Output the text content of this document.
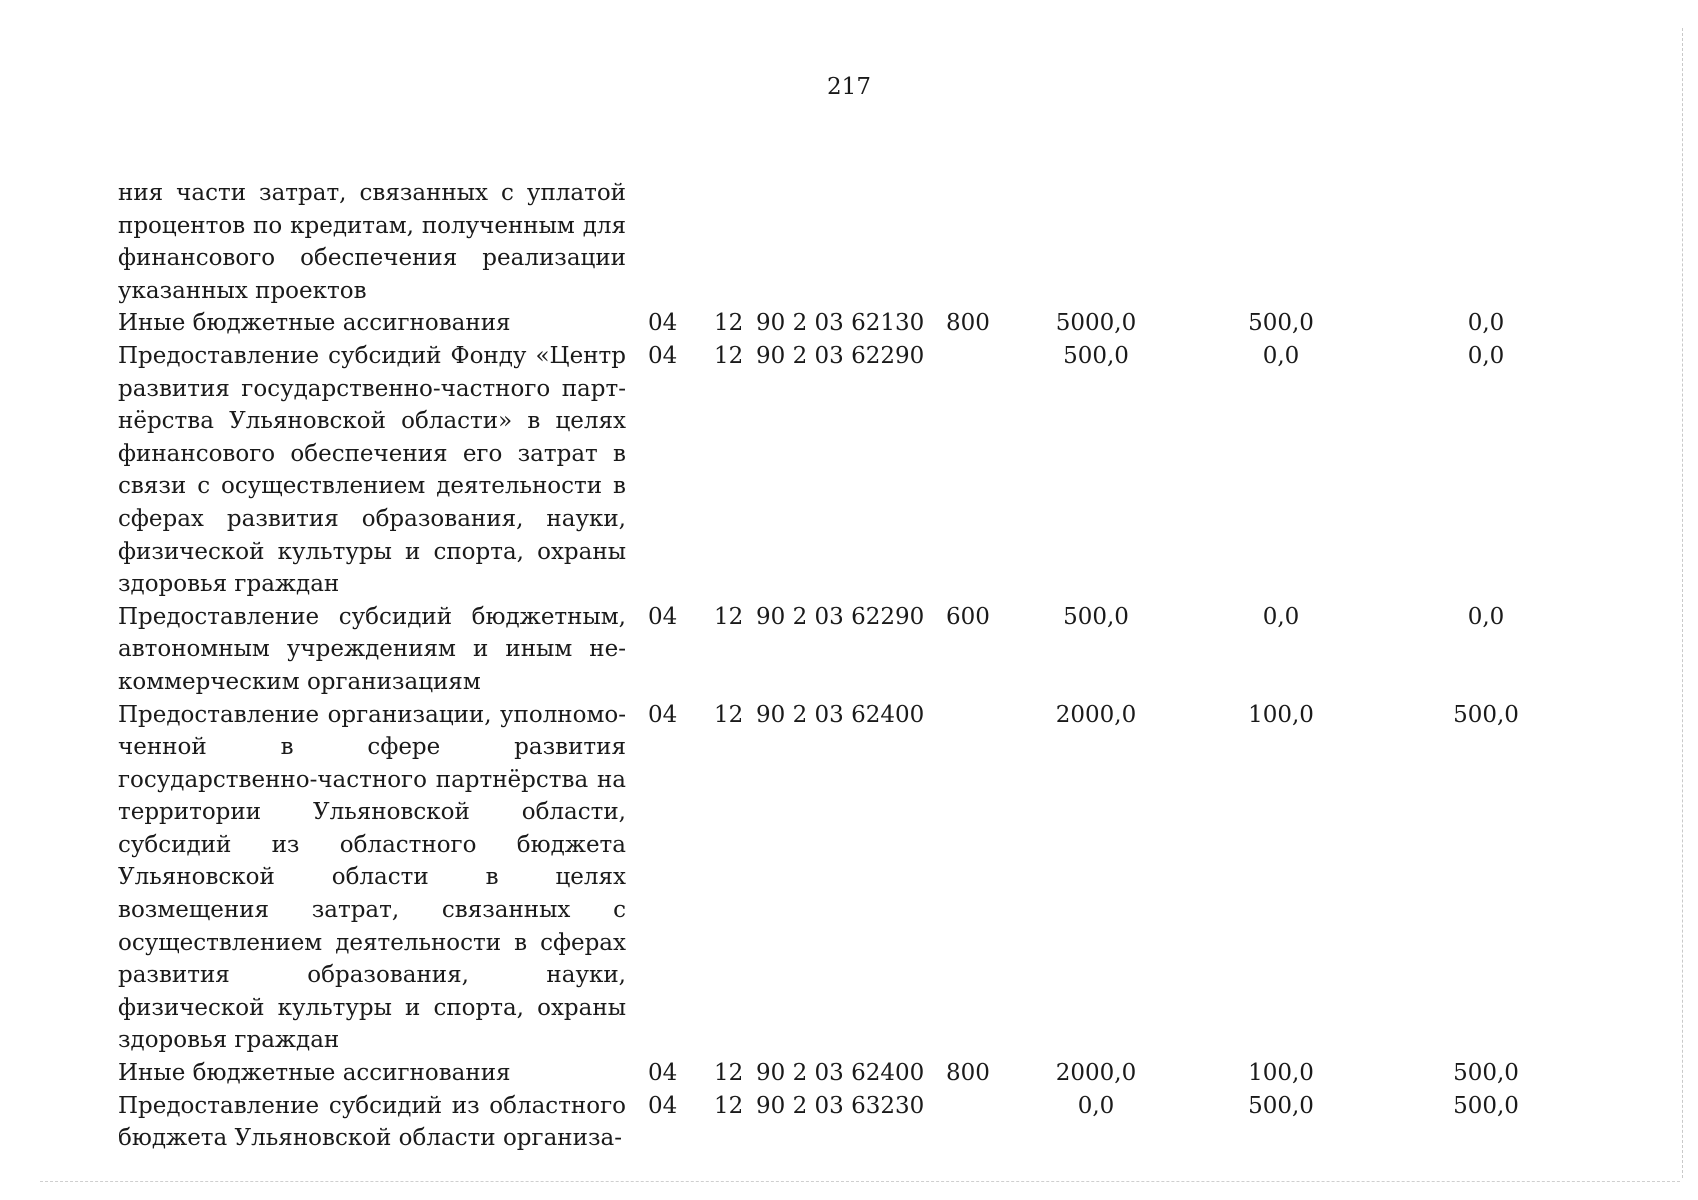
217
ния части затрат, связанных с уплатой процентов по кредитам, полученным для финансового обеспечения реализации указанных проектов							

Иные бюджетные ассигнования	04	12	90 2 03 62130	800	5000,0	500,0	0,0

Предоставление субсидий Фонду «Центр развития государственно-частного партнёрства Ульяновской области» в целях финансового обеспечения его затрат в связи с осуществлением деятельности в сферах развития образования, науки, физической культуры и спорта, охраны здоровья граждан	04	12	90 2 03 62290		500,0	0,0	0,0

Предоставление субсидий бюджетным, автономным учреждениям и иным некоммерческим организациям	04	12	90 2 03 62290	600	500,0	0,0	0,0

Предоставление организации, уполномоченной в сфере развития государственно-частного партнёрства на территории Ульяновской области, субсидий из областного бюджета Ульяновской области в целях возмещения затрат, связанных с осуществлением деятельности в сферах развития образования, науки, физической культуры и спорта, охраны здоровья граждан	04	12	90 2 03 62400		2000,0	100,0	500,0

Иные бюджетные ассигнования	04	12	90 2 03 62400	800	2000,0	100,0	500,0

Предоставление субсидий из областного бюджета Ульяновской области организа-	04	12	90 2 03 63230		0,0	500,0	500,0
